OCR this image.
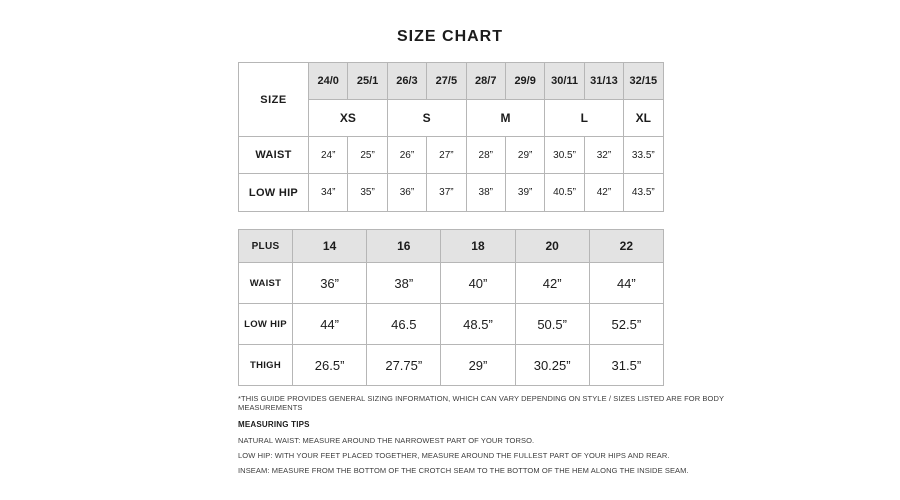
SIZE CHART
SIZE	24/0	25/1	26/3	27/5	28/7	29/9	30/11	31/13	32/15
	XS		S		M		L		XL
WAIST	24”	25”	26”	27”	28”	29”	30.5”	32”	33.5”
LOW HIP	34”	35”	36”	37”	38”	39”	40.5”	42”	43.5”
PLUS	14	16	18	20	22
WAIST	36”	38”	40”	42”	44”
LOW HIP	44”	46.5	48.5”	50.5”	52.5”
THIGH	26.5”	27.75”	29”	30.25”	31.5”
*THIS GUIDE PROVIDES GENERAL SIZING INFORMATION, WHICH CAN VARY DEPENDING ON STYLE / SIZES LISTED ARE FOR BODY MEASUREMENTS
MEASURING TIPS
NATURAL WAIST: MEASURE AROUND THE NARROWEST PART OF YOUR TORSO.
LOW HIP: WITH YOUR FEET PLACED TOGETHER, MEASURE AROUND THE FULLEST PART OF YOUR HIPS AND REAR.
INSEAM: MEASURE FROM THE BOTTOM OF THE CROTCH SEAM TO THE BOTTOM OF THE HEM ALONG THE INSIDE SEAM.
